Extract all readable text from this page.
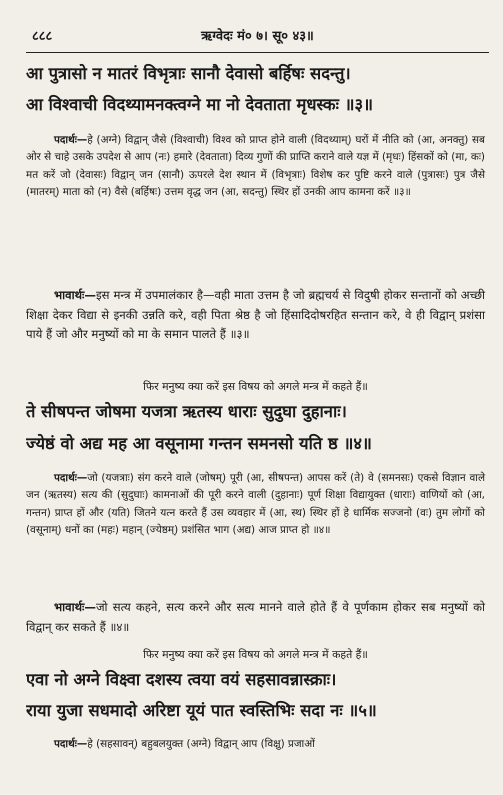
८८८	ऋग्वेदः मं० ७। सू० ४३॥
आ पुत्रासो न मातरं विभृत्राः सानौ देवासो बर्हिषः सदन्तु।
आ विश्वाची विदथ्यामनक्त्वग्ने मा नो देवताता मृधस्कः ॥३॥
पदार्थः—हे (अग्ने) विद्वान् जैसे (विश्वाची) विश्व को प्राप्त होने वाली (विदथ्याम्) घरों में नीति को (आ, अनक्तु) सब ओर से चाहे उसके उपदेश से आप (नः) हमारे (देवताता) दिव्य गुणों की प्राप्ति कराने वाले यज्ञ में (मृधः) हिंसकों को (मा, कः) मत करें जो (देवासः) विद्वान् जन (सानौ) ऊपरले देश स्थान में (विभृत्राः) विशेष कर पुष्टि करने वाले (पुत्रासः) पुत्र जैसे (मातरम्) माता को (न) वैसे (बर्हिषः) उत्तम वृद्ध जन (आ, सदन्तु) स्थिर हों उनकी आप कामना करें ॥३॥
भावार्थः—इस मन्त्र में उपमालंकार है—वही माता उत्तम है जो ब्रह्मचर्य से विदुषी होकर सन्तानों को अच्छी शिक्षा देकर विद्या से इनकी उन्नति करे, वही पिता श्रेष्ठ है जो हिंसादिदोषरहित सन्तान करे, वे ही विद्वान् प्रशंसा पाये हैं जो और मनुष्यों को मा के समान पालते हैं ॥३॥
फिर मनुष्य क्या करें इस विषय को अगले मन्त्र में कहते हैं॥
ते सीषपन्त जोषमा यजत्रा ऋतस्य धाराः सुदुघा दुहानाः।
ज्येष्ठं वो अद्य मह आ वसूनामा गन्तन समनसो यति ष्ठ ॥४॥
पदार्थः—जो (यजत्राः) संग करने वाले (जोषम्) पूरी (आ, सीषपन्त) आपस करें (ते) वे (समनसः) एकसे विज्ञान वाले जन (ऋतस्य) सत्य की (सुदुघाः) कामनाओं की पूरी करने वाली (दुहानाः) पूर्ण शिक्षा विद्यायुक्त (धाराः) वाणियों को (आ, गन्तन) प्राप्त हों और (यति) जितने यत्न करते हैं उस व्यवहार में (आ, स्थ) स्थिर हों हे धार्मिक सज्जनो (वः) तुम लोगों को (वसूनाम्) धनों का (महः) महान् (ज्येष्ठम्) प्रशंसित भाग (अद्य) आज प्राप्त हो ॥४॥
भावार्थः—जो सत्य कहने, सत्य करने और सत्य मानने वाले होते हैं वे पूर्णकाम होकर सब मनुष्यों को विद्वान् कर सकते हैं ॥४॥
फिर मनुष्य क्या करें इस विषय को अगले मन्त्र में कहते हैं॥
एवा नो अग्ने विक्ष्वा दशस्य त्वया वयं सहसावन्नास्क्राः।
राया युजा सधमादो अरिष्टा यूयं पात स्वस्तिभिः सदा नः ॥५॥
पदार्थः—हे (सहसावन्) बहुबलयुक्त (अग्ने) विद्वान् आप (विक्षु) प्रजाओं
